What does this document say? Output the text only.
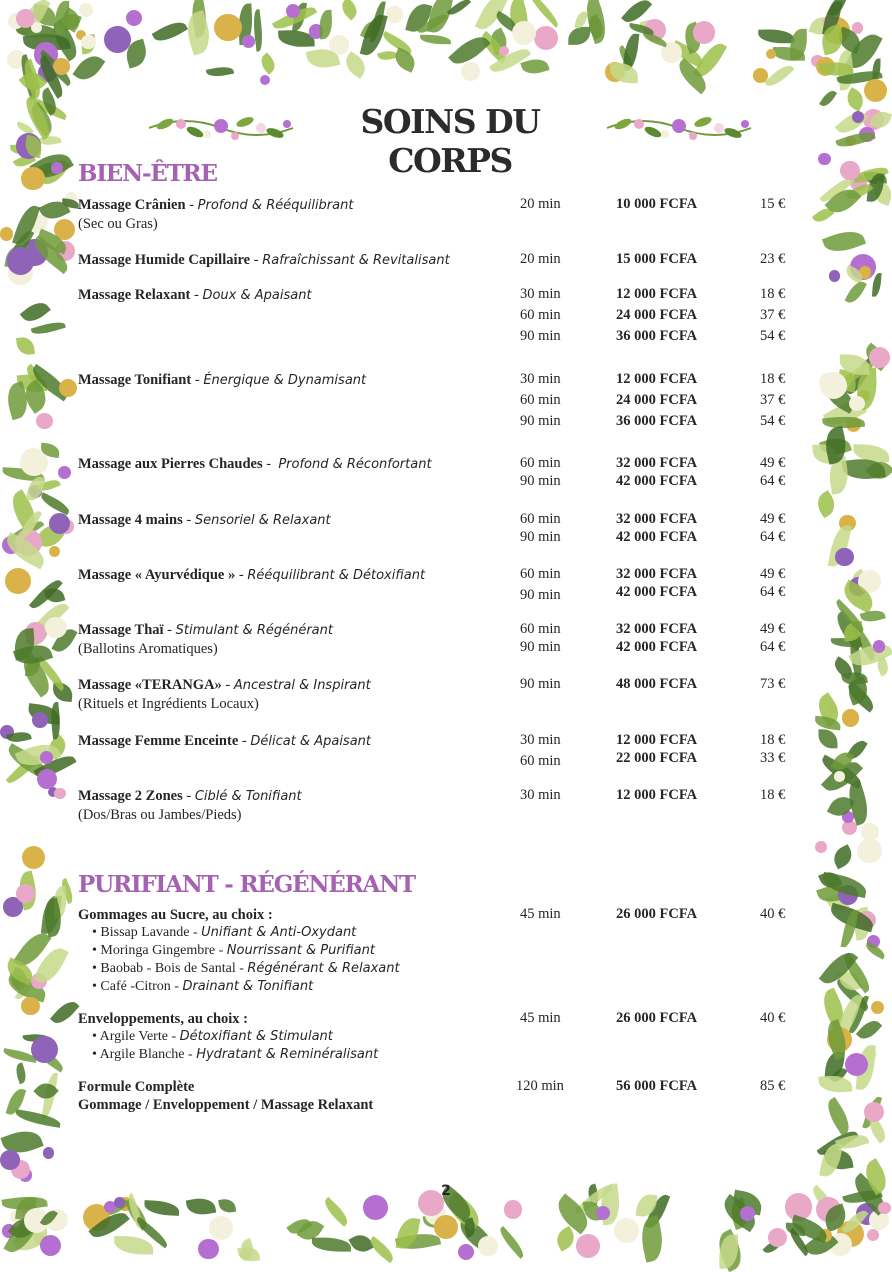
SOINS DU CORPS
BIEN-ÊTRE
Massage Crânien - Profond & Rééquilibrant
(Sec ou Gras)
20 min	10 000 FCFA	15 €
Massage Humide Capillaire - Rafraîchissant & Revitalisant	20 min	15 000 FCFA	23 €
Massage Relaxant - Doux & Apaisant	30 min	12 000 FCFA	18 €
60 min	24 000 FCFA	37 €
90 min	36 000 FCFA	54 €
Massage Tonifiant - Énergique & Dynamisant	30 min	12 000 FCFA	18 €
60 min	24 000 FCFA	37 €
90 min	36 000 FCFA	54 €
Massage aux Pierres Chaudes -  Profond & Réconfortant	60 min	32 000 FCFA	49 €
90 min	42 000 FCFA	64 €
Massage 4 mains - Sensoriel & Relaxant	60 min	32 000 FCFA	49 €
90 min	42 000 FCFA	64 €
Massage « Ayurvédique » - Rééquilibrant & Détoxifiant	60 min	32 000 FCFA	49 €
90 min	42 000 FCFA	64 €
Massage Thaï - Stimulant & Régénérant
(Ballotins Aromatiques)
60 min	32 000 FCFA	49 €
90 min	42 000 FCFA	64 €
Massage «TERANGA» - Ancestral & Inspirant
(Rituels et Ingrédients Locaux)
90 min	48 000 FCFA	73 €
Massage Femme Enceinte - Délicat & Apaisant	30 min	12 000 FCFA	18 €
60 min	22 000 FCFA	33 €
Massage 2 Zones - Ciblé & Tonifiant
(Dos/Bras ou Jambes/Pieds)
30 min	12 000 FCFA	18 €
PURIFIANT - RÉGÉNÉRANT
Gommages au Sucre, au choix :
• Bissap Lavande - Unifiant & Anti-Oxydant
• Moringa Gingembre - Nourrissant & Purifiant
• Baobab - Bois de Santal - Régénérant & Relaxant
• Café -Citron - Drainant & Tonifiant
45 min	26 000 FCFA	40 €
Enveloppements, au choix :
• Argile Verte - Détoxifiant & Stimulant
• Argile Blanche - Hydratant & Reminéralisant
45 min	26 000 FCFA	40 €
Formule Complète
Gommage / Enveloppement / Massage Relaxant
120 min	56 000 FCFA	85 €
2
